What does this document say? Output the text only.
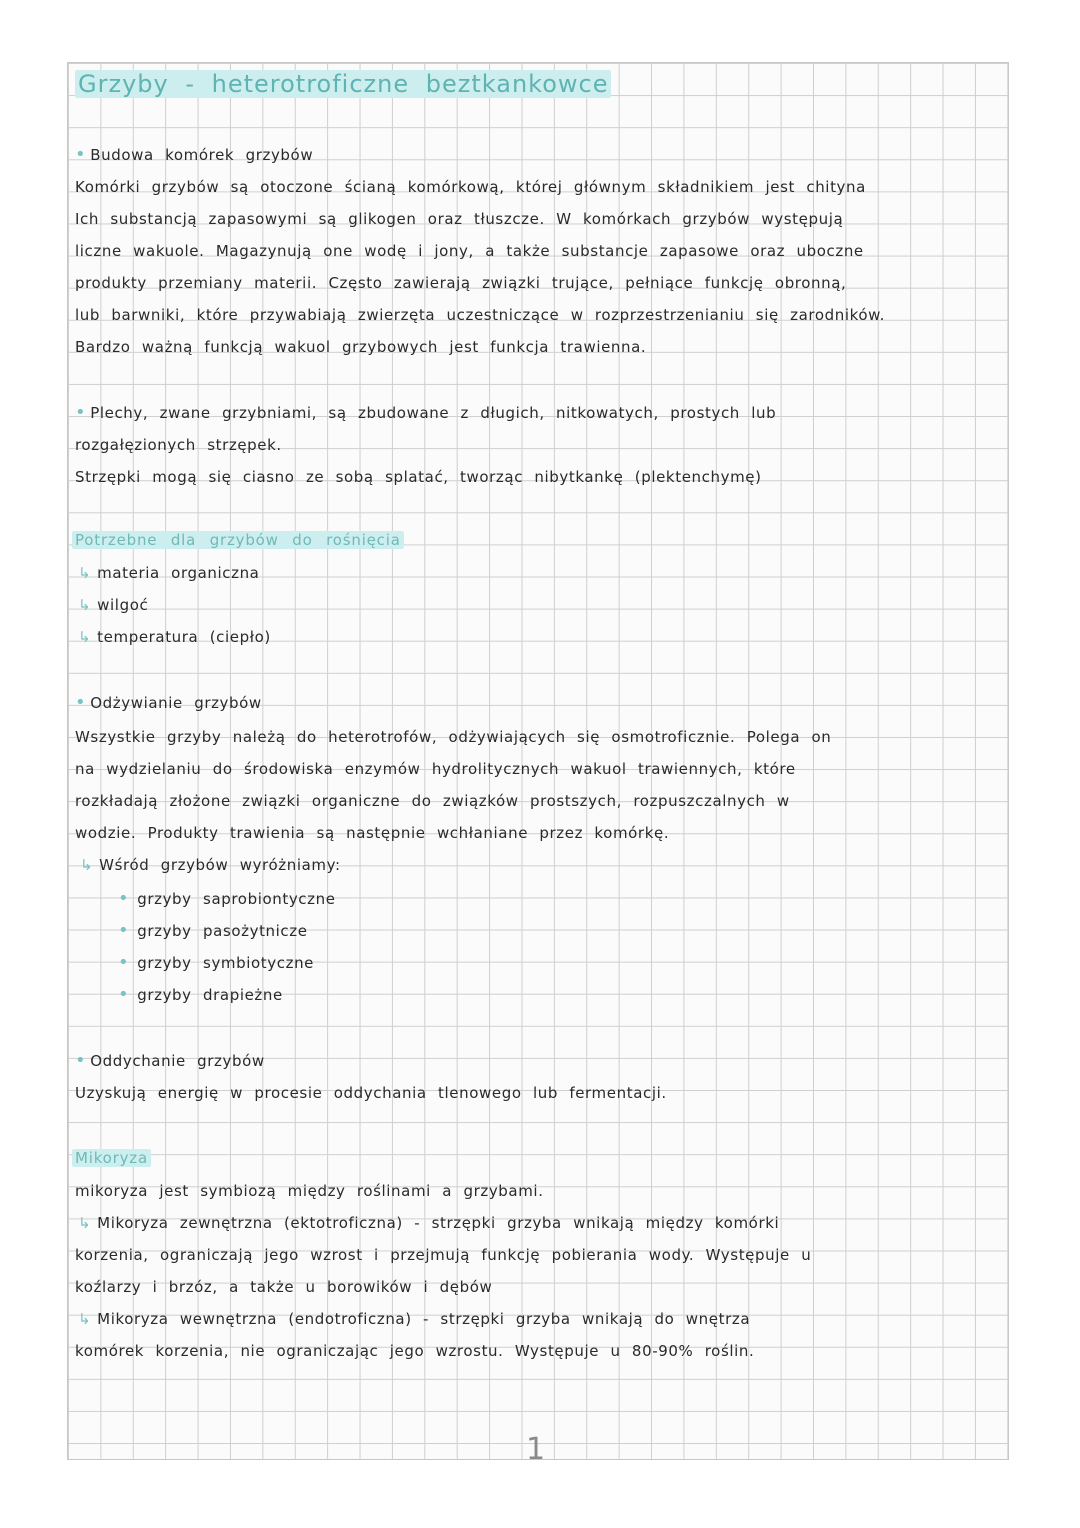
Grzyby - heterotroficzne beztkankowce
• Budowa komórek grzybów
Komórki grzybów są otoczone ścianą komórkową, której głównym składnikiem jest chityna
Ich substancją zapasowymi są glikogen oraz tłuszcze. W komórkach grzybów występują
liczne wakuole. Magazynują one wodę i jony, a także substancje zapasowe oraz uboczne
produkty przemiany materii. Często zawierają związki trujące, pełniące funkcję obronną,
lub barwniki, które przywabiają zwierzęta uczestniczące w rozprzestrzenianiu się zarodników.
Bardzo ważną funkcją wakuol grzybowych jest funkcja trawienna.
• Plechy, zwane grzybniami, są zbudowane z długich, nitkowatych, prostych lub
rozgałęzionych strzępek.
Strzępki mogą się ciasno ze sobą splatać, tworząc nibytkankę (plektenchymę)
Potrzebne dla grzybów do rośnięcia
↳ materia organiczna
↳ wilgoć
↳ temperatura (ciepło)
• Odżywianie grzybów
Wszystkie grzyby należą do heterotrofów, odżywiających się osmotroficznie. Polega on
na wydzielaniu do środowiska enzymów hydrolitycznych wakuol trawiennych, które
rozkładają złożone związki organiczne do związków prostszych, rozpuszczalnych w
wodzie. Produkty trawienia są następnie wchłaniane przez komórkę.
↳ Wśród grzybów wyróżniamy:
• grzyby saprobiontyczne
• grzyby pasożytnicze
• grzyby symbiotyczne
• grzyby drapieżne
• Oddychanie grzybów
Uzyskują energię w procesie oddychania tlenowego lub fermentacji.
Mikoryza
mikoryza jest symbiozą między roślinami a grzybami.
↳ Mikoryza zewnętrzna (ektotroficzna) - strzępki grzyba wnikają między komórki
korzenia, ograniczają jego wzrost i przejmują funkcję pobierania wody. Występuje u
koźlarzy i brzóz, a także u borowików i dębów
↳ Mikoryza wewnętrzna (endotroficzna) - strzępki grzyba wnikają do wnętrza
komórek korzenia, nie ograniczając jego wzrostu. Występuje u 80-90% roślin.
1
